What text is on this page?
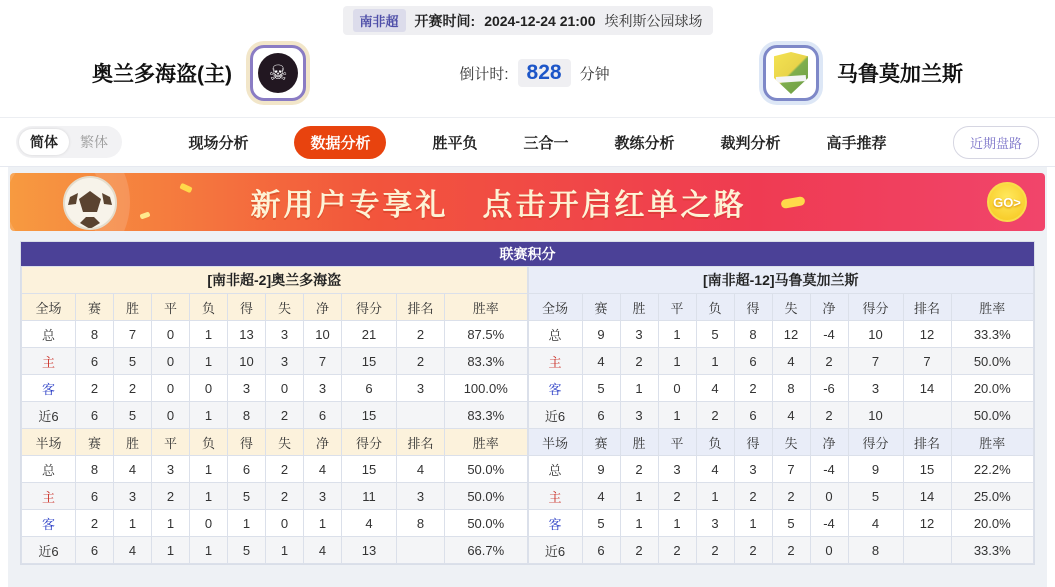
南非超	开赛时间: 2024-12-24 21:00 埃利斯公园球场
奥兰多海盗(主)	☠	倒计时: 828	分钟	马鲁莫加兰斯
简体	繁体	现场分析	数据分析	胜平负	三合一	教练分析	裁判分析	高手推荐	近期盘路
新用户专享礼 点击开启红单之路	GO>
联赛积分
[南非超-2]奥兰多海盗										
全场	赛	胜	平	负	得	失	净	得分	排名	胜率
总	8	7	0	1	13	3	10	21	2	87.5%
主	6	5	0	1	10	3	7	15	2	83.3%
客	2	2	0	0	3	0	3	6	3	100.0%
近6	6	5	0	1	8	2	6	15		83.3%
半场	赛	胜	平	负	得	失	净	得分	排名	胜率
总	8	4	3	1	6	2	4	15	4	50.0%
主	6	3	2	1	5	2	3	11	3	50.0%
客	2	1	1	0	1	0	1	4	8	50.0%
近6	6	4	1	1	5	1	4	13		66.7%
[南非超-12]马鲁莫加兰斯										
全场	赛	胜	平	负	得	失	净	得分	排名	胜率
总	9	3	1	5	8	12	-4	10	12	33.3%
主	4	2	1	1	6	4	2	7	7	50.0%
客	5	1	0	4	2	8	-6	3	14	20.0%
近6	6	3	1	2	6	4	2	10		50.0%
半场	赛	胜	平	负	得	失	净	得分	排名	胜率
总	9	2	3	4	3	7	-4	9	15	22.2%
主	4	1	2	1	2	2	0	5	14	25.0%
客	5	1	1	3	1	5	-4	4	12	20.0%
近6	6	2	2	2	2	2	0	8		33.3%
